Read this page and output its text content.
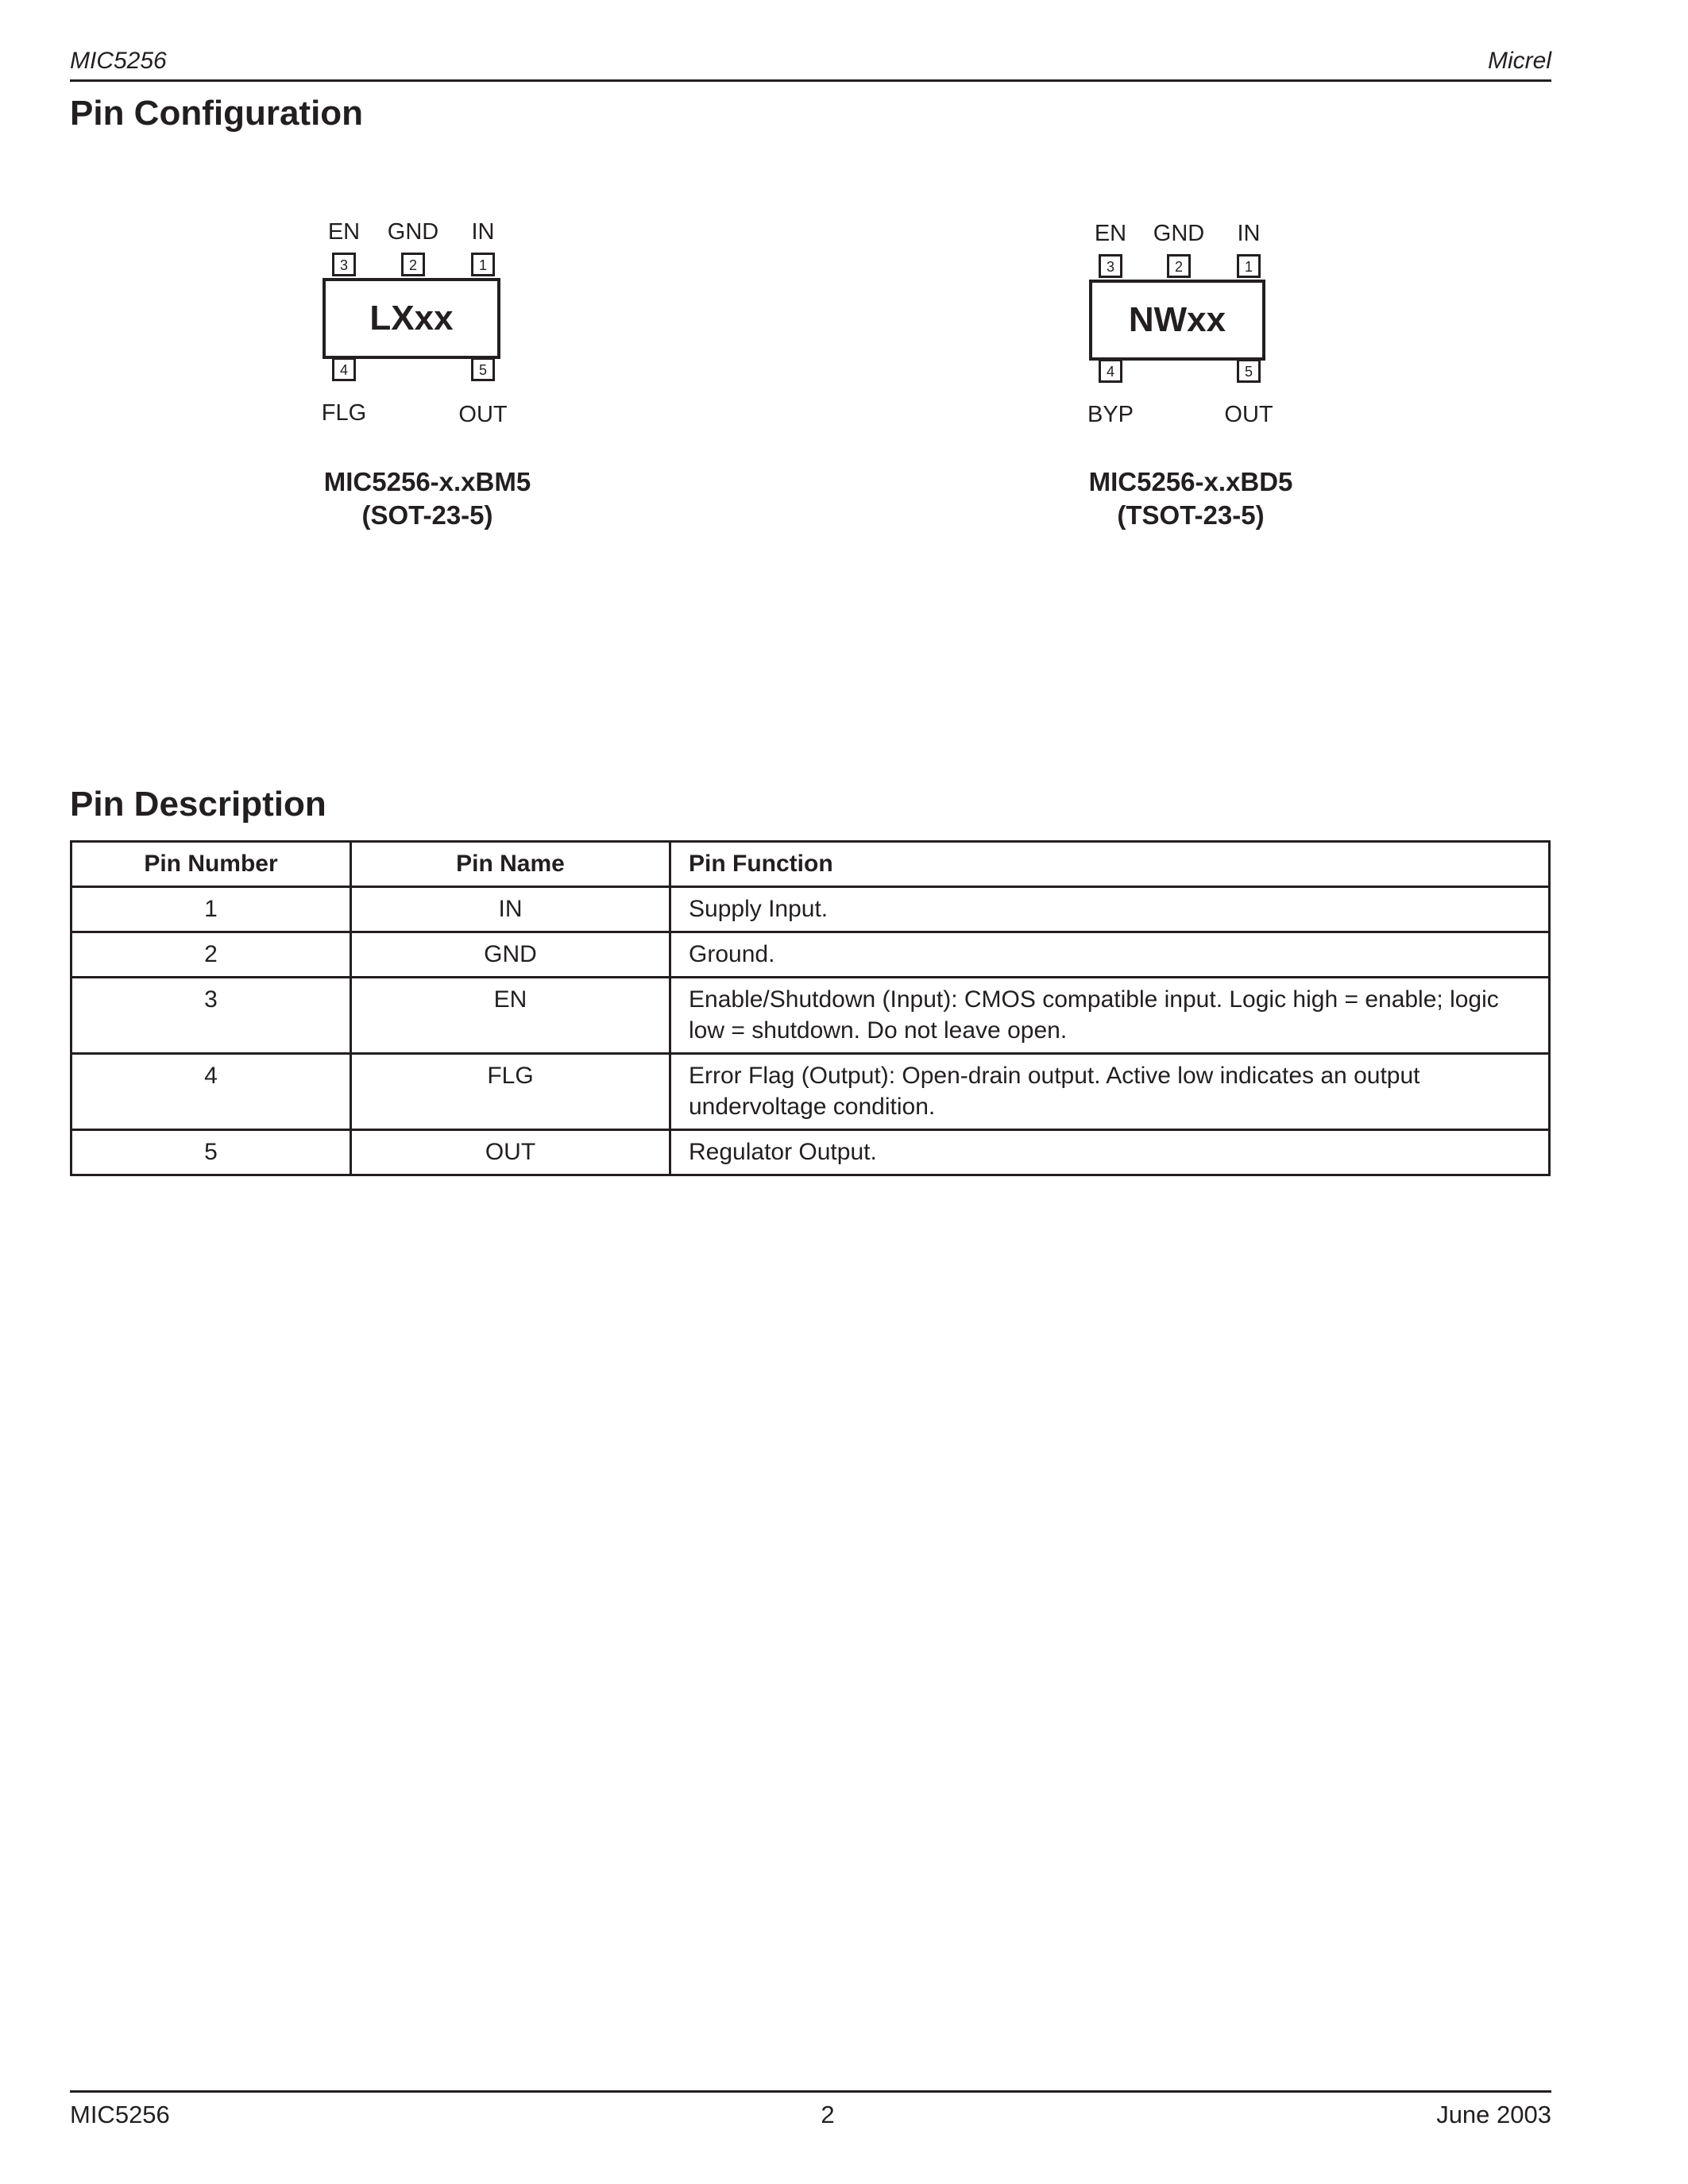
MIC5256	Micrel
Pin Configuration
EN	GND	IN
3	2	1
LXxx
4	5
FLG	OUT
MIC5256-x.xBM5
(SOT-23-5)
EN	GND	IN
3	2	1
NWxx
4	5
BYP	OUT
MIC5256-x.xBD5
(TSOT-23-5)
Pin Description
Pin Number	Pin Name	Pin Function
1	IN	Supply Input.
2	GND	Ground.
3	EN	Enable/Shutdown (Input): CMOS compatible input. Logic high = enable; logic low = shutdown. Do not leave open.
4	FLG	Error Flag (Output): Open-drain output. Active low indicates an output undervoltage condition.
5	OUT	Regulator Output.
MIC5256	2	June 2003
